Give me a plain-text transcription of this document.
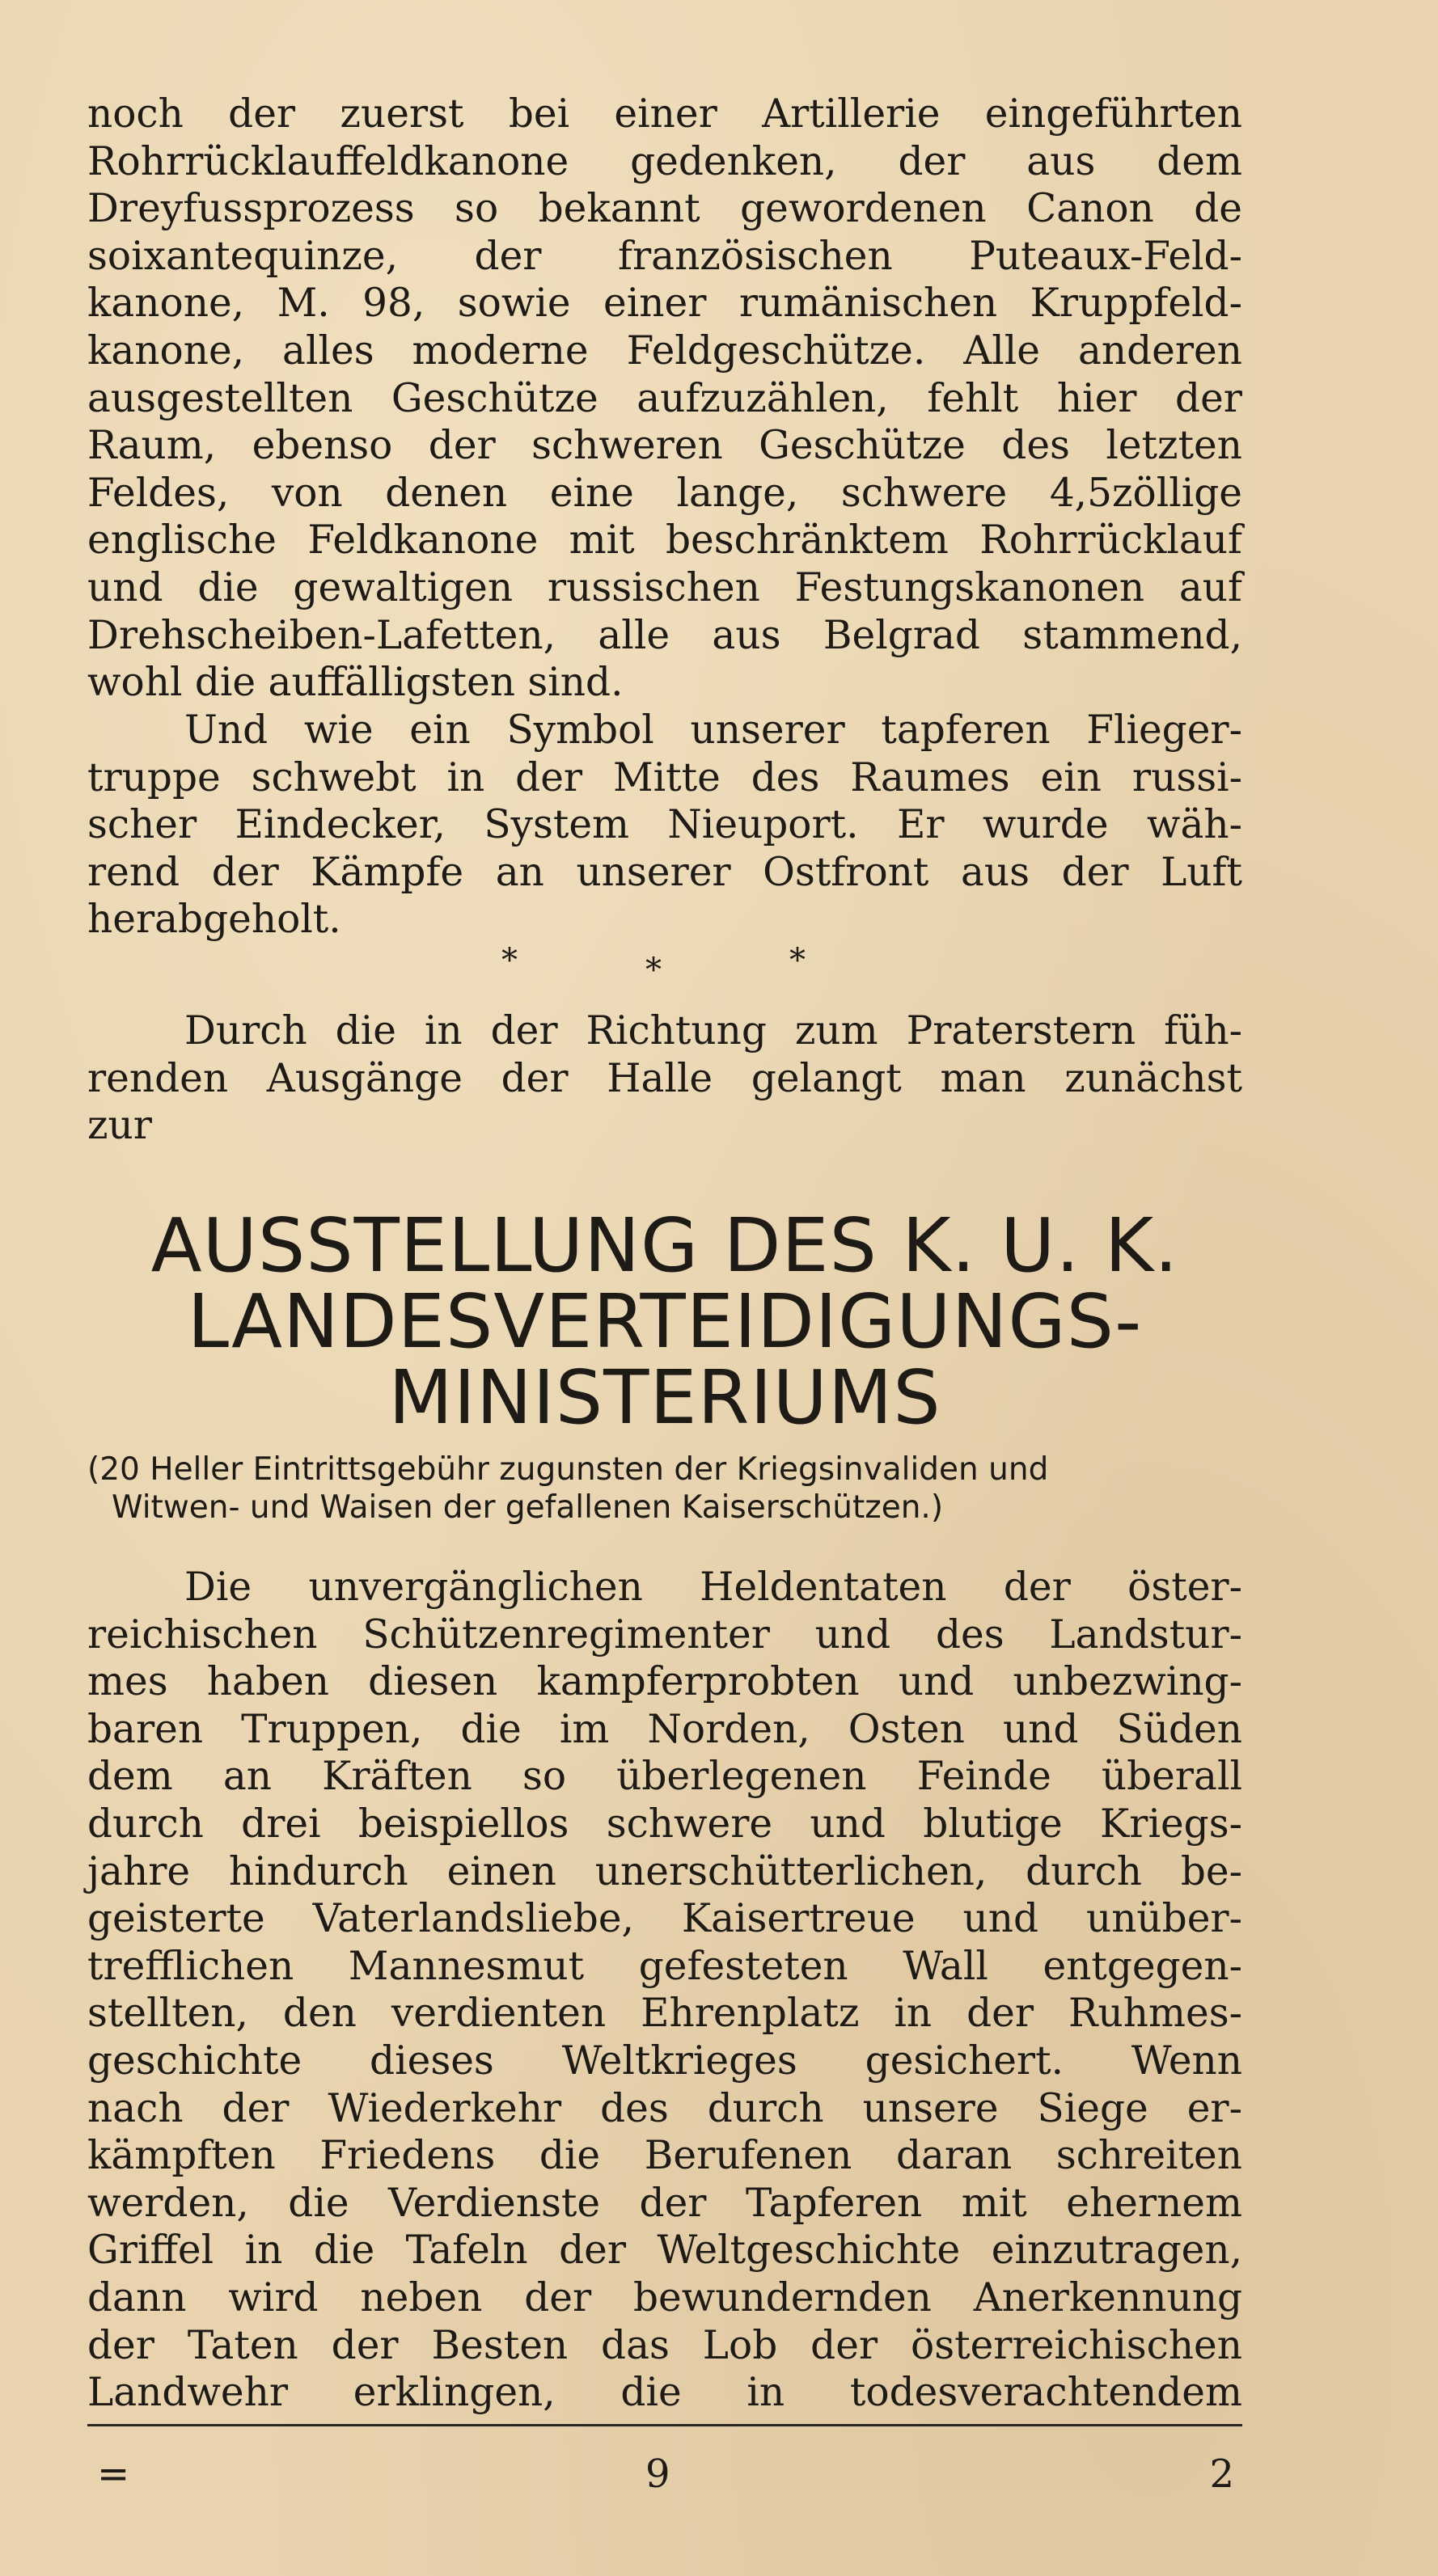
noch der zuerst bei einer Artillerie eingeführten
Rohrrücklauffeldkanone gedenken, der aus dem
Dreyfussprozess so bekannt gewordenen Canon de
soixantequinze, der französischen Puteaux-Feld-
kanone, M. 98, sowie einer rumänischen Kruppfeld-
kanone, alles moderne Feldgeschütze. Alle anderen
ausgestellten Geschütze aufzuzählen, fehlt hier der
Raum, ebenso der schweren Geschütze des letzten
Feldes, von denen eine lange, schwere 4,5zöllige
englische Feldkanone mit beschränktem Rohrrücklauf
und die gewaltigen russischen Festungskanonen auf
Drehscheiben-Lafetten, alle aus Belgrad stammend,
wohl die auffälligsten sind.
Und wie ein Symbol unserer tapferen Flieger-
truppe schwebt in der Mitte des Raumes ein russi-
scher Eindecker, System Nieuport. Er wurde wäh-
rend der Kämpfe an unserer Ostfront aus der Luft
herabgeholt.
*	*	*
Durch die in der Richtung zum Praterstern füh-
renden Ausgänge der Halle gelangt man zunächst
zur
AUSSTELLUNG DES K. U. K.
LANDESVERTEIDIGUNGS-
MINISTERIUMS
(20 Heller Eintrittsgebühr zugunsten der Kriegsinvaliden und
Witwen- und Waisen der gefallenen Kaiserschützen.)
Die unvergänglichen Heldentaten der öster-
reichischen Schützenregimenter und des Landstur-
mes haben diesen kampferprobten und unbezwing-
baren Truppen, die im Norden, Osten und Süden
dem an Kräften so überlegenen Feinde überall
durch drei beispiellos schwere und blutige Kriegs-
jahre hindurch einen unerschütterlichen, durch be-
geisterte Vaterlandsliebe, Kaisertreue und unüber-
trefflichen Mannesmut gefesteten Wall entgegen-
stellten, den verdienten Ehrenplatz in der Ruhmes-
geschichte dieses Weltkrieges gesichert. Wenn
nach der Wiederkehr des durch unsere Siege er-
kämpften Friedens die Berufenen daran schreiten
werden, die Verdienste der Tapferen mit ehernem
Griffel in die Tafeln der Weltgeschichte einzutragen,
dann wird neben der bewundernden Anerkennung
der Taten der Besten das Lob der österreichischen
Landwehr erklingen, die in todesverachtendem
=	9	2
